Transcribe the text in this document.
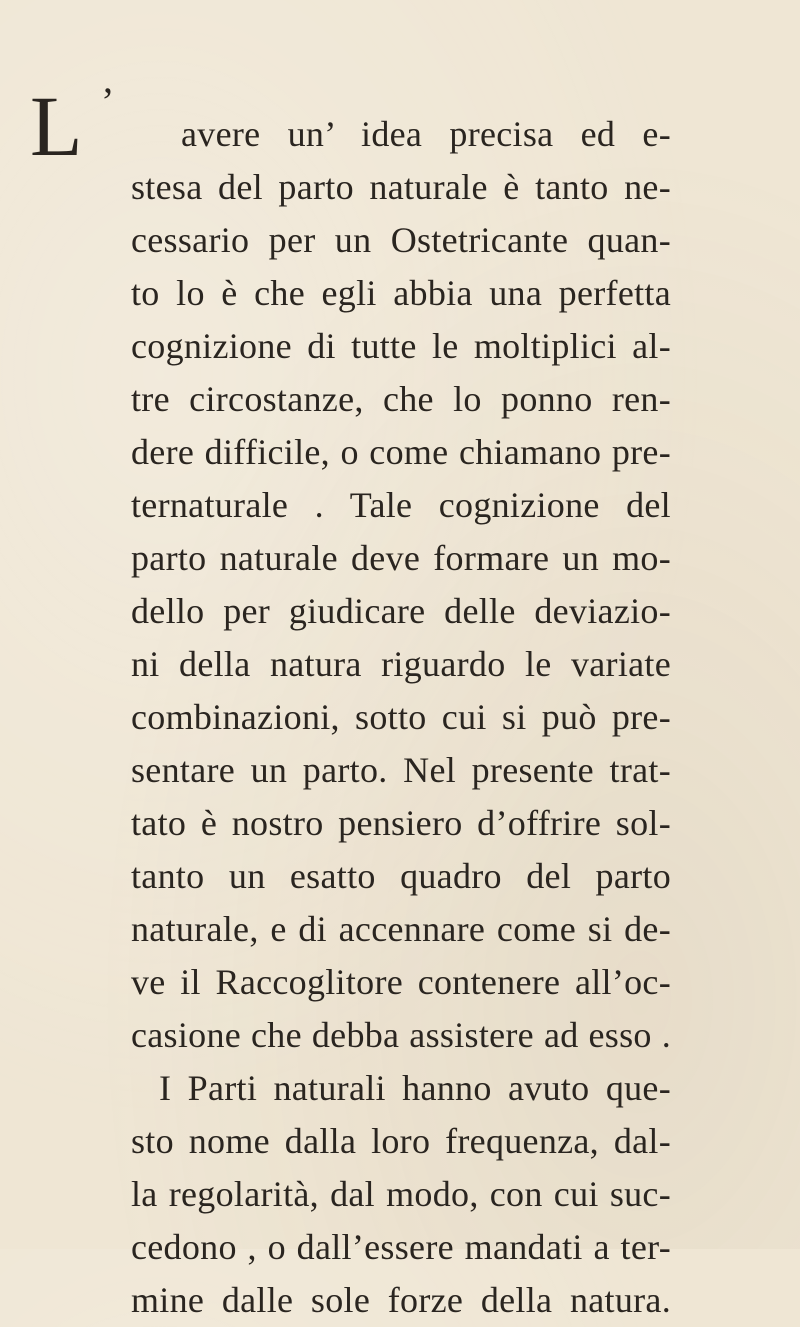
L ’
avere un’ idea precisa ed e-
stesa del parto naturale è tanto ne-
cessario per un Ostetricante quan-
to lo è che egli abbia una perfetta
cognizione di tutte le moltiplici al-
tre circostanze, che lo ponno ren-
dere difficile, o come chiamano pre-
ternaturale . Tale cognizione del
parto naturale deve formare un mo-
dello per giudicare delle deviazio-
ni della natura riguardo le variate
combinazioni, sotto cui si può pre-
sentare un parto. Nel presente trat-
tato è nostro pensiero d’offrire sol-
tanto un esatto quadro del parto
naturale, e di accennare come si de-
ve il Raccoglitore contenere all’oc-
casione che debba assistere ad esso .
I Parti naturali hanno avuto que-
sto nome dalla loro frequenza, dal-
la regolarità, dal modo, con cui suc-
cedono , o dall’essere mandati a ter-
mine dalle sole forze della natura.
